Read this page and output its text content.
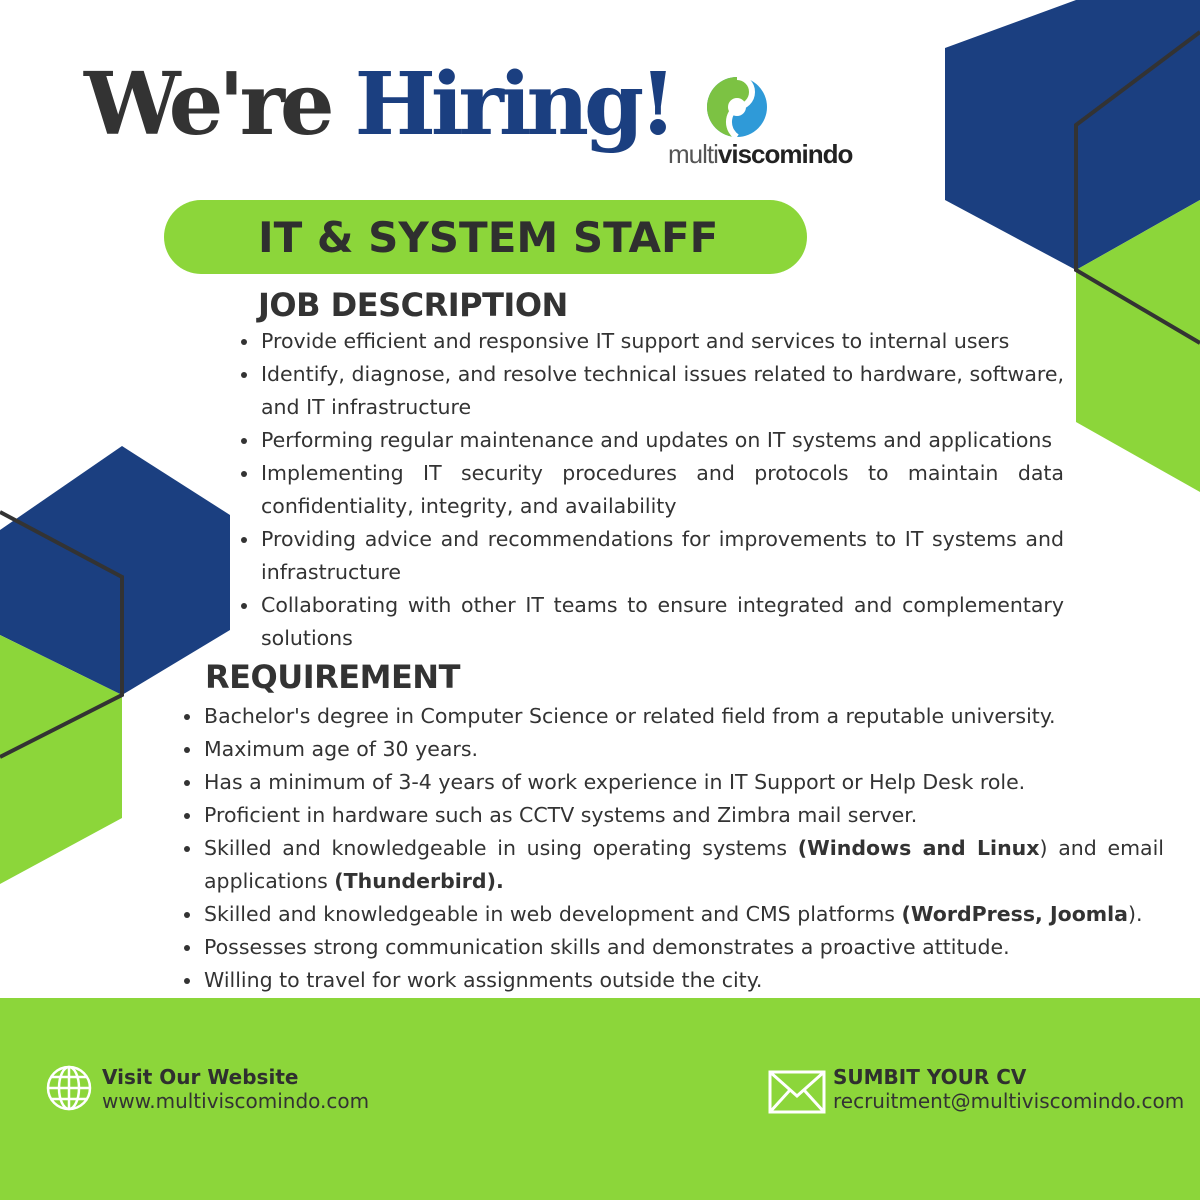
We're Hiring!
multiviscomindo
IT & SYSTEM STAFF
JOB DESCRIPTION
Provide efficient and responsive IT support and services to internal users
Identify, diagnose, and resolve technical issues related to hardware, software, and IT infrastructure
Performing regular maintenance and updates on IT systems and applications
Implementing IT security procedures and protocols to maintain data confidentiality, integrity, and availability
Providing advice and recommendations for improvements to IT systems and infrastructure
Collaborating with other IT teams to ensure integrated and complementary solutions
REQUIREMENT
Bachelor's degree in Computer Science or related field from a reputable university.
Maximum age of 30 years.
Has a minimum of 3-4 years of work experience in IT Support or Help Desk role.
Proficient in hardware such as CCTV systems and Zimbra mail server.
Skilled and knowledgeable in using operating systems (Windows and Linux) and email applications (Thunderbird).
Skilled and knowledgeable in web development and CMS platforms (WordPress, Joomla).
Possesses strong communication skills and demonstrates a proactive attitude.
Willing to travel for work assignments outside the city.
Visit Our Website
www.multiviscomindo.com
SUMBIT YOUR CV
recruitment@multiviscomindo.com
